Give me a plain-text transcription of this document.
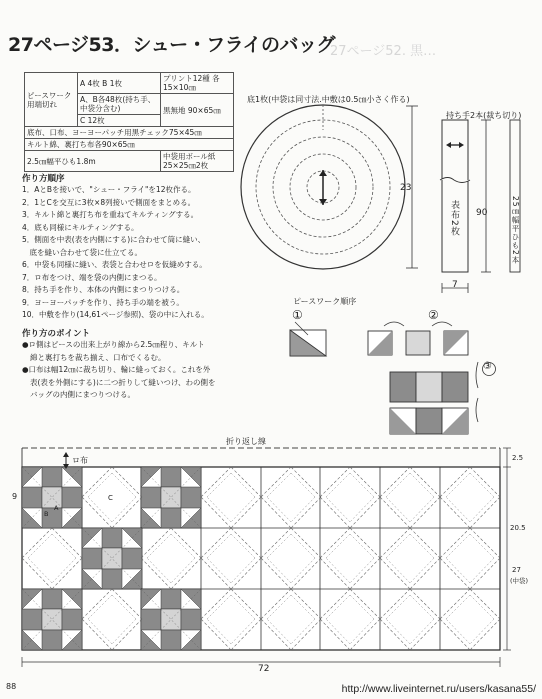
27ページ53．シュー・フライのバッグ
27ページ52. 黒…
ピースワーク 用端切れ	A 4枚 B 1枚	プリント12種 各15×10㎝
	A、B各48枚(持ち手、中袋分含む)	黒無地 90×65㎝
	C 12枚	
底布、口布、ヨーヨーパッチ用黒チェック75×45㎝		
キルト綿、裏打ち布各90×65㎝		
2.5㎝幅平ひも1.8m		中袋用ボール紙25×25㎝2枚
作り方順序
1．AとBを接いで、"シュー・フライ"を12枚作る。
2．1とCを交互に3枚×8列接いで側面をまとめる。
3．キルト綿と裏打ち布を重ねてキルティングする。
4．底も同様にキルティングする。
5．側面を中表(表を内側にする)に合わせて筒に縫い、
　底を縫い合わせて袋に仕立てる。
6．中袋も同様に縫い、表袋と合わせロを仮縫めする。
7．ロ布をつけ、端を袋の内側にまつる。
8．持ち手を作り、本体の内側にまつりつける。
9．ヨーヨーパッチを作り、持ち手の端を被う。
10．中敷を作り(14,61ページ参照)、袋の中に入れる。
作り方のポイント
●ロ側はピースの出来上がり線から2.5㎝程り、キルト
綿と裏打ちを裁ち揃え、口布でくるむ。
●口布は幅12㎝に裁ち切り、輪に縫っておく。これを外
表(表を外側にする)に二つ折りして縫いつけ、わの側を
バッグの内側にまつりつける。
底1枚(中袋は同寸法.中敷は0.5㎝小さく作る)
23
持ち手2本(裁ち切り)
表布2枚 90
7
25㎝幅平ひも2本
ピースワーク順序
①	②
③
折り返し線
ロ布	2.5
20.5
27
(中袋)
9
72
A
B
C
88	http://www.liveinternet.ru/users/kasana55/
